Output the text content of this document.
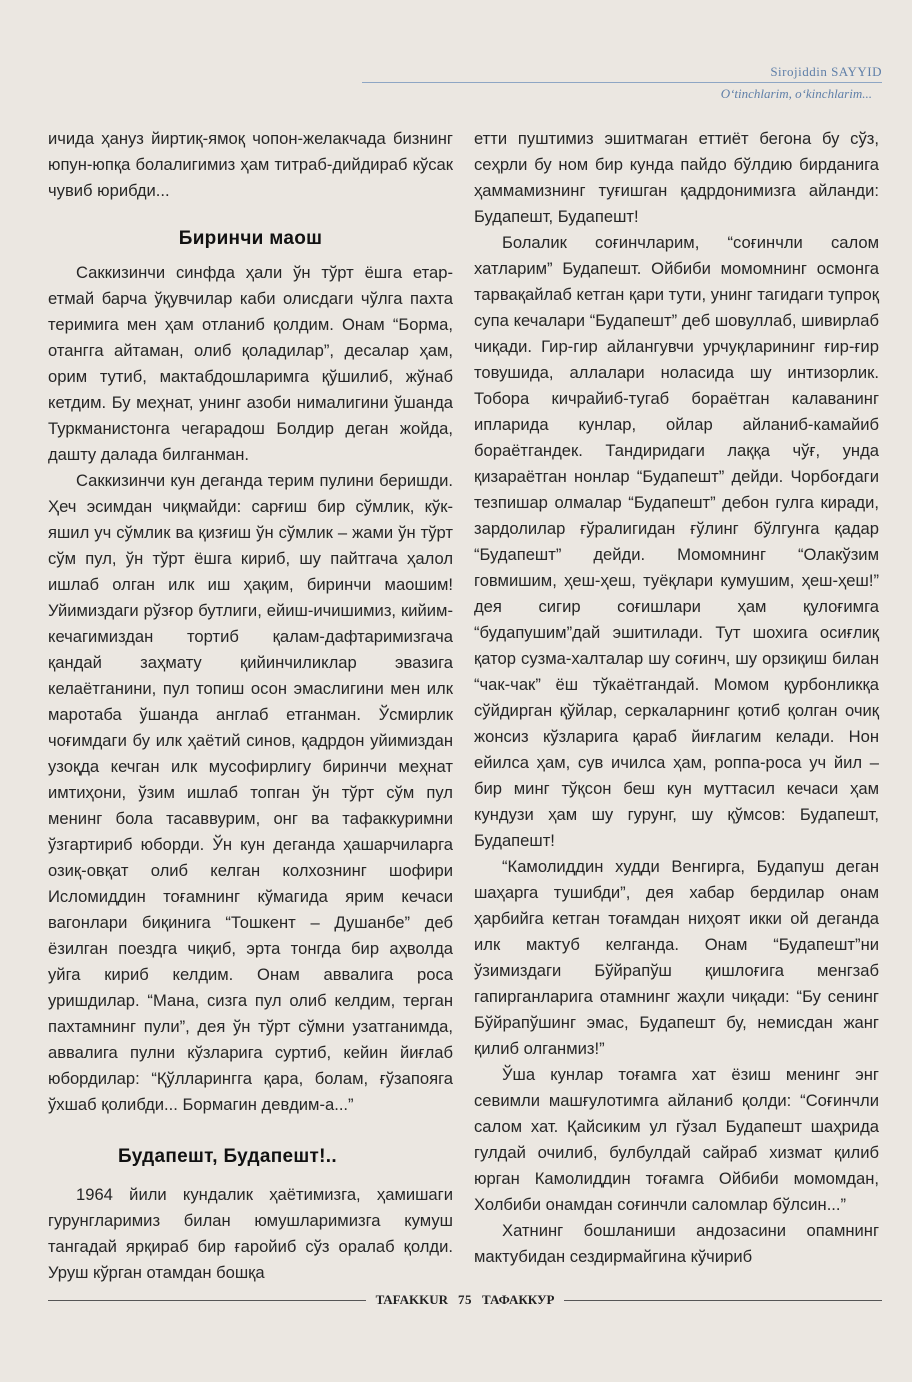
Sirojiddin SAYYID
O‘tinchlarim, o‘kinchlarim...

ичида ҳануз йиртиқ-ямоқ чопон-желакчада бизнинг юпун-юпқа болалигимиз ҳам титраб-дийдираб кўсак чувиб юрибди...

Биринчи маош

Саккизинчи синфда ҳали ўн тўрт ёшга етар-етмай барча ўқувчилар каби олисдаги чўлга пахта теримига мен ҳам отланиб қолдим. Онам “Борма, отангга айтаман, олиб қоладилар”, десалар ҳам, орим тутиб, мактабдошларимга қўшилиб, жўнаб кетдим. Бу меҳнат, унинг азоби нималигини ўшанда Туркманистонга чегарадош Болдир деган жойда, даштy далада билганман.

Саккизинчи кун деганда терим пулини беришди. Ҳеч эсимдан чиқмайди: сарғиш бир сўмлик, кўк-яшил уч сўмлик ва қизғиш ўн сўмлик – жами ўн тўрт сўм пул, ўн тўрт ёшга кириб, шу пайтгача ҳалол ишлаб олган илк иш ҳақим, биринчи маошим! Уйимиздаги рўзғор бутлиги, ейиш-ичишимиз, кийим-кечагимиздан тортиб қалам-дафтаримизгача қандай заҳмату қийинчиликлар эвазига келаётганини, пул топиш осон эмаслигини мен илк маротаба ўшанда англаб етганман. Ўсмирлик чоғимдаги бу илк ҳаётий синов, қадрдон уйимиздан узоқда кечган илк мусофирлигу биринчи меҳнат имтиҳони, ўзим ишлаб топган ўн тўрт сўм пул менинг бола тасаввурим, онг ва тафаккуримни ўзгартириб юборди. Ўн кун деганда ҳашарчиларга озиқ-овқат олиб келган колхознинг шофири Исломиддин тоғамнинг кўмагида ярим кечаси вагонлари биқинига “Тошкент – Душанбе” деб ёзилган поездга чиқиб, эрта тонгда бир аҳволда уйга кириб келдим. Онам аввалига роса уришдилар. “Мана, сизга пул олиб келдим, терган пахтамнинг пули”, дея ўн тўрт сўмни узатганимда, аввалига пулни кўзларига суртиб, кейин йиғлаб юбордилар: “Қўлларингга қара, болам, ғўзапояга ўхшаб қолибди... Бормагин девдим-а...”

Будапешт, Будапешт!..

1964 йили кундалик ҳаётимизга, ҳамишаги гурунгларимиз билан юмушларимизга кумуш тангадай ярқираб бир ғаройиб сўз оралаб қолди. Уруш кўрган отамдан бошқа

етти пуштимиз эшитмаган еттиёт бегона бу сўз, сеҳрли бу ном бир кунда пайдо бўлдию бирданига ҳаммамизнинг туғишган қадрдонимизга айланди: Будапешт, Будапешт!

Болалик соғинчларим, “соғинчли салом хатларим” Будапешт. Ойбиби момомнинг осмонга тарвақайлаб кетган қари тути, унинг тагидаги тупроқ супа кечалари “Будапешт” деб шовуллаб, шивирлаб чиқади. Гир-гир айлангувчи урчуқларининг ғир-ғир товушида, аллалари ноласида шу интизорлик. Тобора кичрайиб-тугаб бораётган калаванинг ипларида кунлар, ойлар айланиб-камайиб бораётгандек. Тандиридаги лаққа чўғ, унда қизараётган нонлар “Будапешт” дейди. Чорбоғдаги тезпишар олмалар “Будапешт” дебон гулга киради, зардолилар ғўралигидан ғўлинг бўлгунга қадар “Будапешт” дейди. Момомнинг “Олакўзим говмишим, ҳеш-ҳеш, туёқлари кумушим, ҳеш-ҳеш!” дея сигир соғишлари ҳам қулоғимга “будапушим”дай эшитилади. Тут шохига осиғлиқ қатор сузма-халталар шу соғинч, шу орзиқиш билан “чак-чак” ёш тўкаётгандай. Момом қурбонликқа сўйдирган қўйлар, серкаларнинг қотиб қолган очиқ жонсиз кўзларига қараб йиғлагим келади. Нон ейилса ҳам, сув ичилса ҳам, роппа-роса уч йил – бир минг тўқсон беш кун муттасил кечаси ҳам кундузи ҳам шу гурунг, шу қўмсов: Будапешт, Будапешт!

“Камолиддин худди Венгирга, Будапуш деган шаҳарга тушибди”, дея хабар бердилар онам ҳарбийга кетган тоғамдан ниҳоят икки ой деганда илк мактуб келганда. Онам “Будапешт”ни ўзимиздаги Бўйрапўш қишлоғига менгзаб гапирганларига отамнинг жаҳли чиқади: “Бу сенинг Бўйрапўшинг эмас, Будапешт бу, немисдан жанг қилиб олганмиз!”

Ўша кунлар тоғамга хат ёзиш менинг энг севимли машғулотимга айланиб қолди: “Соғинчли салом хат. Қайсиким ул гўзал Будапешт шаҳрида гулдай очилиб, булбулдай сайраб хизмат қилиб юрган Камолиддин тоғамга Ойбиби момомдан, Холбиби онамдан соғинчли саломлар бўлсин...”

Хатнинг бошланиши андозасини опамнинг мактубидан сездирмайгина кўчириб

TAFAKKUR 75 ТАФАККУР
